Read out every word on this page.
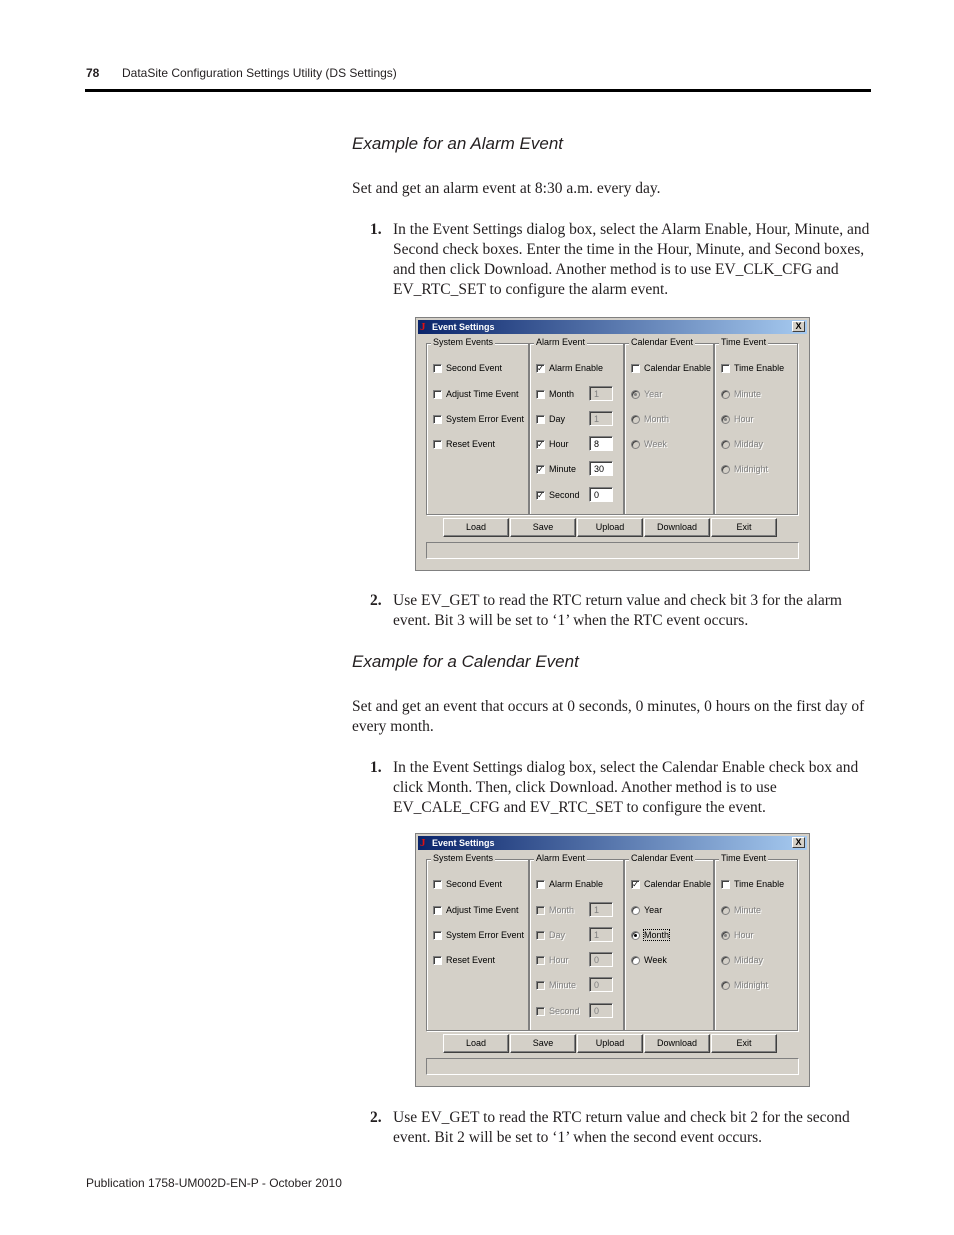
78 DataSite Configuration Settings Utility (DS Settings)
Example for an Alarm Event
Set and get an alarm event at 8:30 a.m. every day.
1. In the Event Settings dialog box, select the Alarm Enable, Hour, Minute, and Second check boxes. Enter the time in the Hour, Minute, and Second boxes, and then click Download. Another method is to use EV_CLK_CFG and EV_RTC_SET to configure the alarm event.
J Event Settings	X
System Events	Alarm Event	Calendar Event	Time Event
Second Event
Adjust Time Event
System Error Event
Reset Event
✓ Alarm Enable
Month	1
Day	1
✓ Hour	8
✓ Minute	30
✓ Second	0
Calendar Enable
Year
Month
Week
Time Enable
Minute
Hour
Midday
Midnight
Load	Save	Upload	Download	Exit
2. Use EV_GET to read the RTC return value and check bit 3 for the alarm event. Bit 3 will be set to ‘1’ when the RTC event occurs.
Example for a Calendar Event
Set and get an event that occurs at 0 seconds, 0 minutes, 0 hours on the first day of every month.
1. In the Event Settings dialog box, select the Calendar Enable check box and click Month. Then, click Download. Another method is to use EV_CALE_CFG and EV_RTC_SET to configure the event.
J Event Settings	X
System Events	Alarm Event	Calendar Event	Time Event
Second Event
Adjust Time Event
System Error Event
Reset Event
Alarm Enable
Month	1
Day	1
Hour	0
Minute	0
Second	0
✓ Calendar Enable
Year
Month
Week
Time Enable
Minute
Hour
Midday
Midnight
Load	Save	Upload	Download	Exit
2. Use EV_GET to read the RTC return value and check bit 2 for the second event. Bit 2 will be set to ‘1’ when the second event occurs.
Publication 1758-UM002D-EN-P - October 2010
